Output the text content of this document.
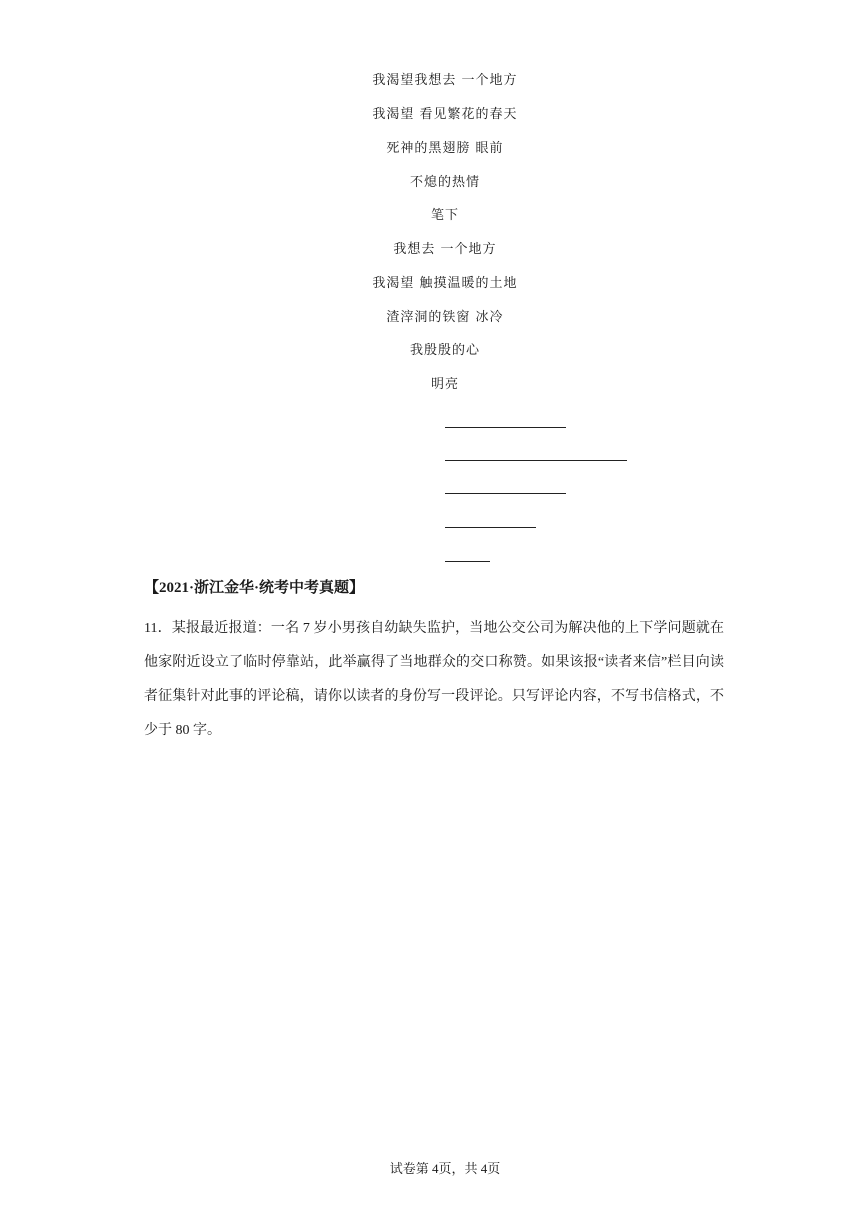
我渴望我想去 一个地方
我渴望 看见繁花的春天
死神的黑翅膀 眼前
不熄的热情
笔下
我想去 一个地方
我渴望 触摸温暖的土地
渣滓洞的铁窗 冰冷
我殷殷的心
明亮
【2021·浙江金华·统考中考真题】
11．某报最近报道：一名 7 岁小男孩自幼缺失监护，当地公交公司为解决他的上下学问题就在他家附近设立了临时停靠站，此举赢得了当地群众的交口称赞。如果该报“读者来信”栏目向读者征集针对此事的评论稿，请你以读者的身份写一段评论。只写评论内容，不写书信格式，不少于 80 字。
试卷第 4页，共 4页
